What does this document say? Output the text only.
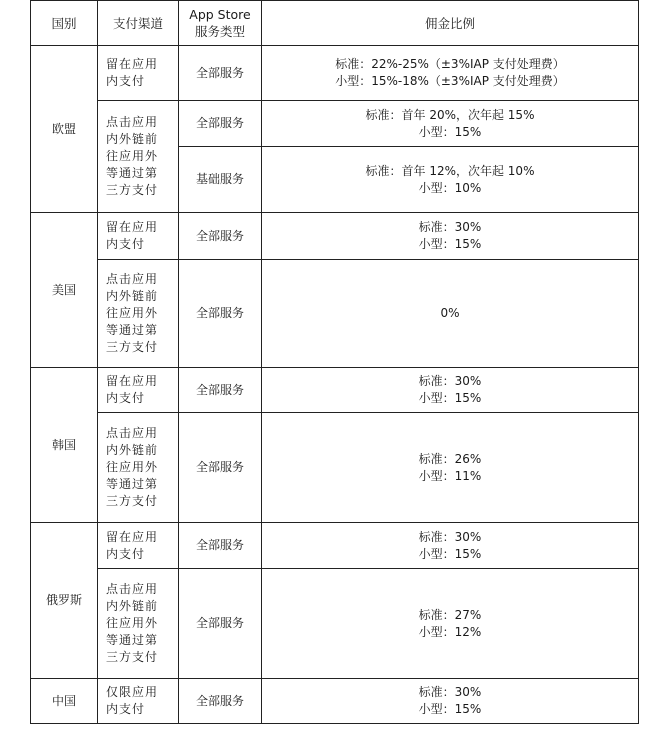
国别	支付渠道	App Store 服务类型	佣金比例
欧盟	留在应用内支付	全部服务	标准：22%-25%（±3%IAP 支付处理费）
小型：15%-18%（±3%IAP 支付处理费）

	点击应用内外链前往应用外等通过第三方支付	全部服务	标准：首年 20%，次年起 15%
小型：15%

		基础服务	标准：首年 12%，次年起 10%
小型：10%

美国	留在应用内支付	全部服务	标准：30%
小型：15%

	点击应用内外链前往应用外等通过第三方支付	全部服务	0%
韩国	留在应用内支付	全部服务	标准：30%
小型：15%

	点击应用内外链前往应用外等通过第三方支付	全部服务	标准：26%
小型：11%

俄罗斯	留在应用内支付	全部服务	标准：30%
小型：15%

	点击应用内外链前往应用外等通过第三方支付	全部服务	标准：27%
小型：12%

中国	仅限应用内支付	全部服务	标准：30%
小型：15%
